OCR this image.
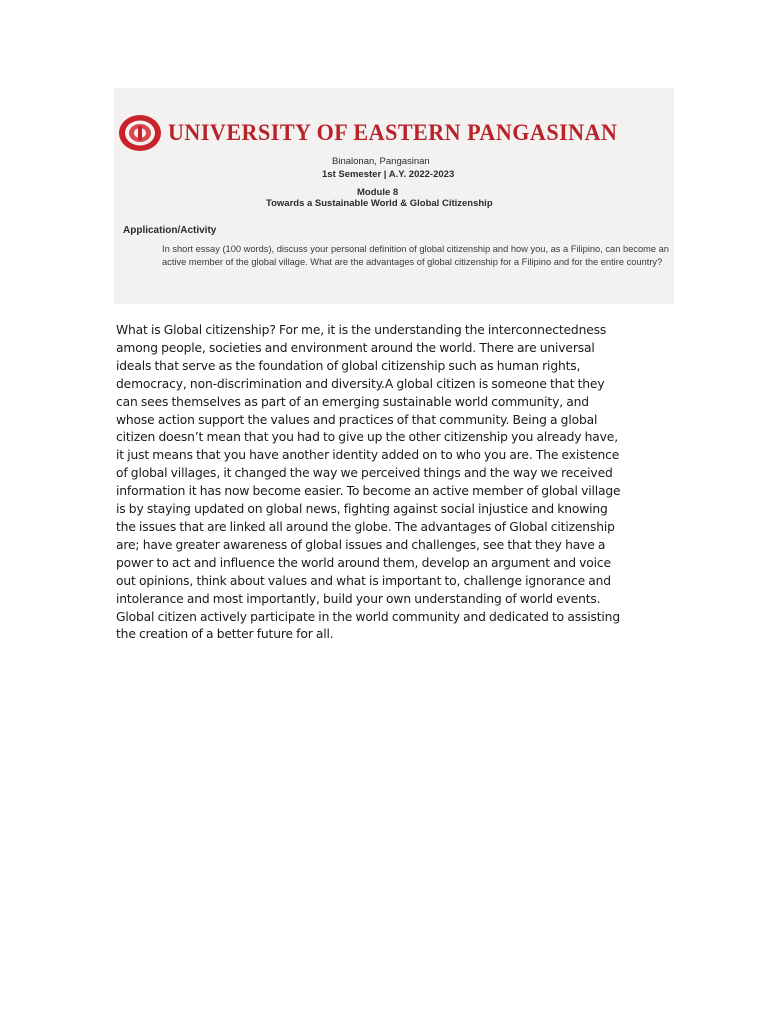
UNIVERSITY OF EASTERN PANGASINAN
Binalonan, Pangasinan
1st Semester | A.Y. 2022-2023
Module 8
Towards a Sustainable World & Global Citizenship
Application/Activity
In short essay (100 words), discuss your personal definition of global citizenship and how you, as a Filipino, can become an active member of the global village. What are the advantages of global citizenship for a Filipino and for the entire country?
What is Global citizenship? For me, it is the understanding the interconnectedness
among people, societies and environment around the world. There are universal
ideals that serve as the foundation of global citizenship such as human rights,
democracy, non-discrimination and diversity.A global citizen is someone that they
can sees themselves as part of an emerging sustainable world community, and
whose action support the values and practices of that community. Being a global
citizen doesn’t mean that you had to give up the other citizenship you already have,
it just means that you have another identity added on to who you are. The existence
of global villages, it changed the way we perceived things and the way we received
information it has now become easier. To become an active member of global village
is by staying updated on global news, fighting against social injustice and knowing
the issues that are linked all around the globe. The advantages of Global citizenship
are; have greater awareness of global issues and challenges, see that they have a
power to act and influence the world around them, develop an argument and voice
out opinions, think about values and what is important to, challenge ignorance and
intolerance and most importantly, build your own understanding of world events.
Global citizen actively participate in the world community and dedicated to assisting
the creation of a better future for all.
